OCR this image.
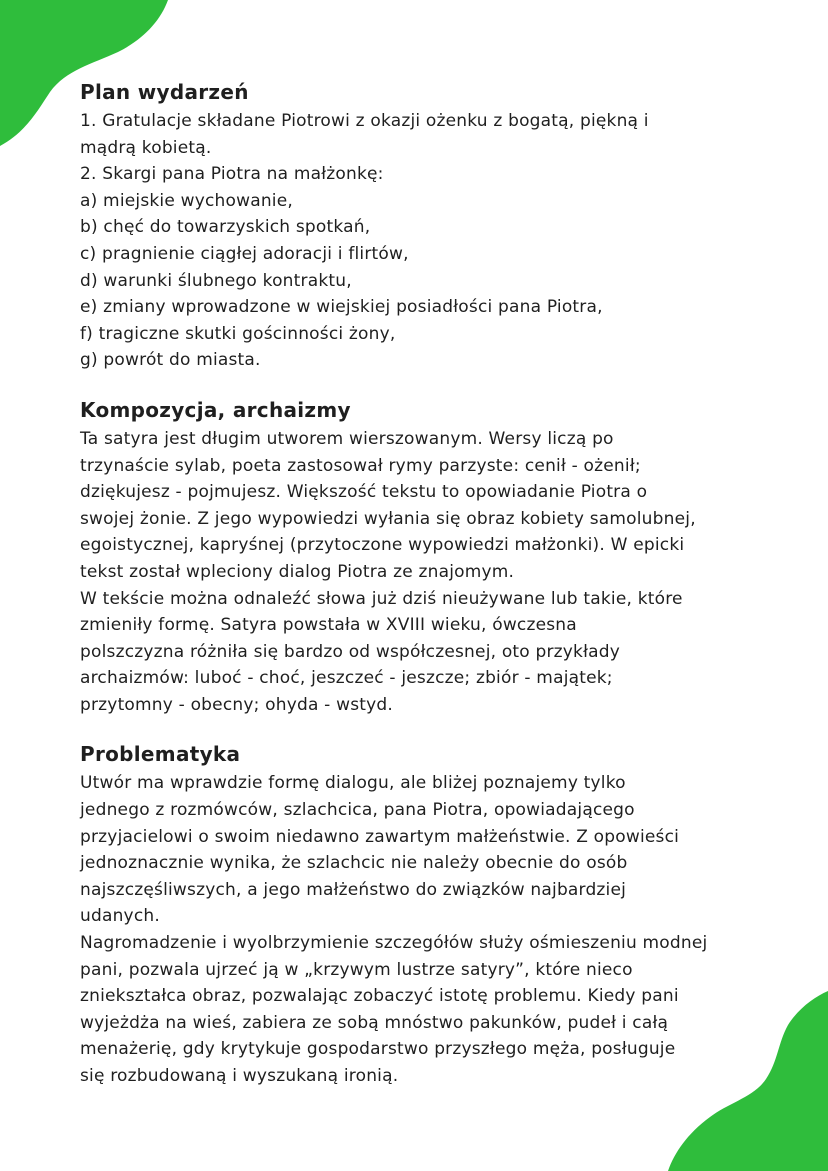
Plan wydarzeń

1. Gratulacje składane Piotrowi z okazji ożenku z bogatą, piękną i

mądrą kobietą.

2. Skargi pana Piotra na małżonkę:

a) miejskie wychowanie,

b) chęć do towarzyskich spotkań,

c) pragnienie ciągłej adoracji i flirtów,

d) warunki ślubnego kontraktu,

e) zmiany wprowadzone w wiejskiej posiadłości pana Piotra,

f) tragiczne skutki gościnności żony,

g) powrót do miasta.

Kompozycja, archaizmy

Ta satyra jest długim utworem wierszowanym. Wersy liczą po

trzynaście sylab, poeta zastosował rymy parzyste: cenił - ożenił;

dziękujesz - pojmujesz. Większość tekstu to opowiadanie Piotra o

swojej żonie. Z jego wypowiedzi wyłania się obraz kobiety samolubnej,

egoistycznej, kapryśnej (przytoczone wypowiedzi małżonki). W epicki

tekst został wpleciony dialog Piotra ze znajomym.

W tekście można odnaleźć słowa już dziś nieużywane lub takie, które

zmieniły formę. Satyra powstała w XVIII wieku, ówczesna

polszczyzna różniła się bardzo od współczesnej, oto przykłady

archaizmów: luboć - choć, jeszczeć - jeszcze; zbiór - majątek;

przytomny - obecny; ohyda - wstyd.

Problematyka

Utwór ma wprawdzie formę dialogu, ale bliżej poznajemy tylko

jednego z rozmówców, szlachcica, pana Piotra, opowiadającego

przyjacielowi o swoim niedawno zawartym małżeństwie. Z opowieści

jednoznacznie wynika, że szlachcic nie należy obecnie do osób

najszczęśliwszych, a jego małżeństwo do związków najbardziej

udanych.

Nagromadzenie i wyolbrzymienie szczegółów służy ośmieszeniu modnej

pani, pozwala ujrzeć ją w „krzywym lustrze satyry”, które nieco

zniekształca obraz, pozwalając zobaczyć istotę problemu. Kiedy pani

wyjeżdża na wieś, zabiera ze sobą mnóstwo pakunków, pudeł i całą

menażerię, gdy krytykuje gospodarstwo przyszłego męża, posługuje

się rozbudowaną i wyszukaną ironią.
